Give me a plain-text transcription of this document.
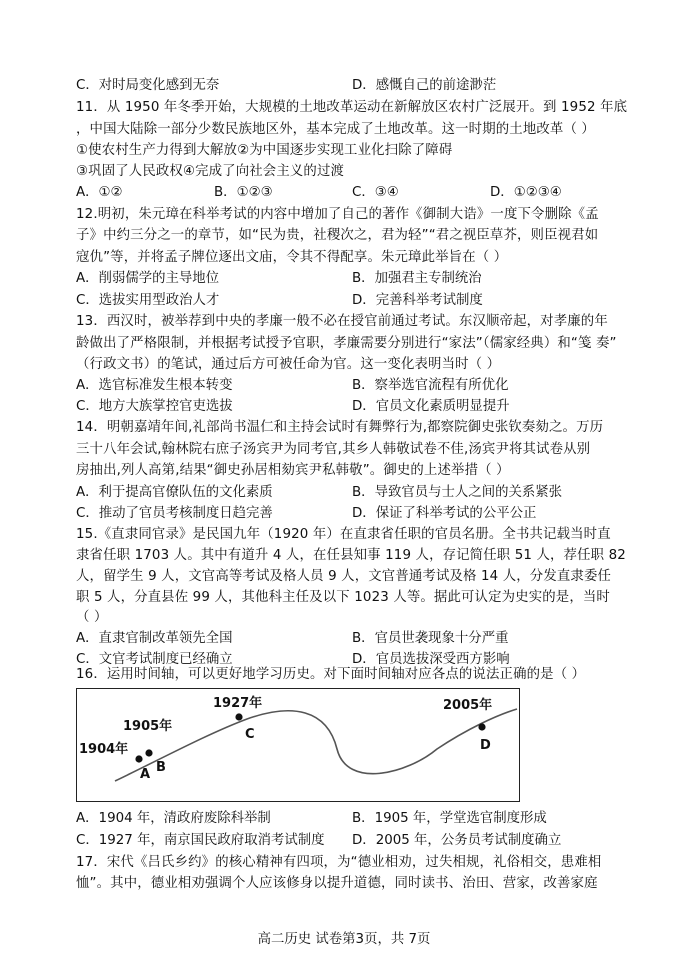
C．对时局变化感到无奈	D．感慨自己的前途渺茫
11．从 1950 年冬季开始，大规模的土地改革运动在新解放区农村广泛展开。到 1952 年底
，中国大陆除一部分少数民族地区外，基本完成了土地改革。这一时期的土地改革（ ）
①使农村生产力得到大解放②为中国逐步实现工业化扫除了障碍
③巩固了人民政权④完成了向社会主义的过渡
A．①②	B．①②③	C．③④	D．①②③④
12.明初，朱元璋在科举考试的内容中增加了自己的著作《御制大诰》一度下令删除《孟
子》中约三分之一的章节，如“民为贵，社稷次之，君为轻”“君之视臣草芥，则臣视君如
寇仇”等，并将孟子牌位逐出文庙，令其不得配享。朱元璋此举旨在（ ）
A．削弱儒学的主导地位	B．加强君主专制统治
C．选拔实用型政治人才	D．完善科举考试制度
13．西汉时，被举荐到中央的孝廉一般不必在授官前通过考试。东汉顺帝起，对孝廉的年
龄做出了严格限制，并根据考试授予官职，孝廉需要分别进行“家法”（儒家经典）和“笺 奏”
（行政文书）的笔试，通过后方可被任命为官。这一变化表明当时（ ）
A．选官标准发生根本转变	B．察举选官流程有所优化
C．地方大族掌控官吏选拔	D．官员文化素质明显提升
14．明朝嘉靖年间,礼部尚书温仁和主持会试时有舞弊行为,都察院御史张钦奏劾之。万历
三十八年会试,翰林院右庶子汤宾尹为同考官,其乡人韩敬试卷不佳,汤宾尹将其试卷从别
房抽出,列人高第,结果“御史孙居相劾宾尹私韩敬”。御史的上述举措（ ）
A．利于提高官僚队伍的文化素质	B．导致官员与士人之间的关系紧张
C．推动了官员考核制度日趋完善	D．保证了科举考试的公平公正
15.《直隶同官录》是民国九年（1920 年）在直隶省任职的官员名册。全书共记载当时直
隶省任职 1703 人。其中有道升 4 人，在任县知事 119 人，存记简任职 51 人，荐任职 82
人，留学生 9 人，文官高等考试及格人员 9 人，文官普通考试及格 14 人，分发直隶委任
职 5 人，分直县佐 99 人，其他科主任及以下 1023 人等。据此可认定为史实的是，当时
（ ）
A．直隶官制改革领先全国	B．官员世袭现象十分严重
C．文官考试制度已经确立	D．官员选拔深受西方影响
16．运用时间轴，可以更好地学习历史。对下面时间轴对应各点的说法正确的是（ ）
1904年
1905年
1927年	2005年
A B
C
D
A．1904 年，清政府废除科举制	B．1905 年，学堂选官制度形成
C．1927 年，南京国民政府取消考试制度 D．2005 年，公务员考试制度确立
17．宋代《吕氏乡约》的核心精神有四项，为“德业相劝，过失相规，礼俗相交，患难相
恤”。其中，德业相劝强调个人应该修身以提升道德，同时读书、治田、营家，改善家庭
高二历史 试卷第3页，共 7页
